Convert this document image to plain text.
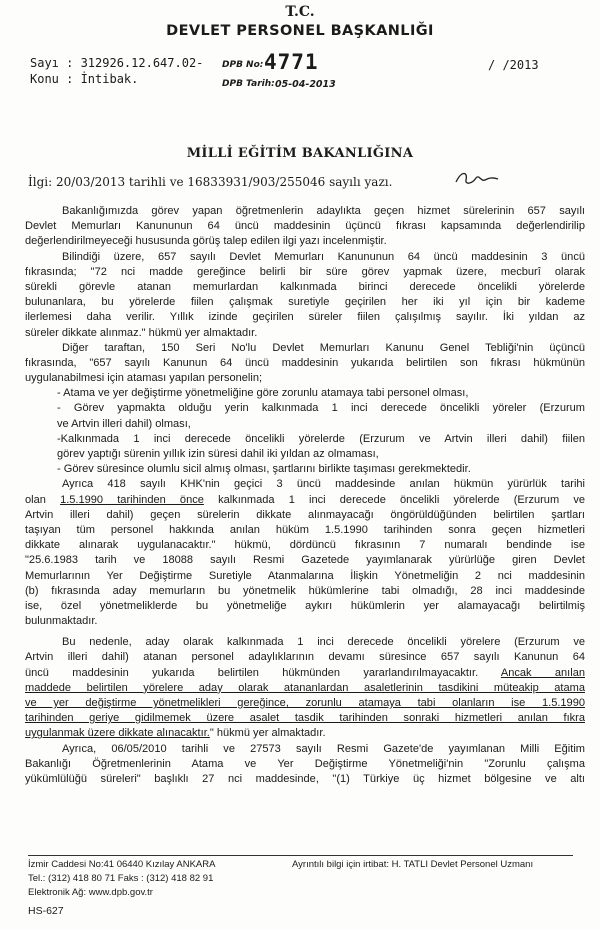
T.C.
DEVLET PERSONEL BAŞKANLIĞI
Sayı : 312926.12.647.02-
Konu : İntibak.
DPB No: 4771
DPB Tarih: 05-04-2013
/ /2013
MİLLİ EĞİTİM BAKANLIĞINA
İlgi: 20/03/2013 tarihli ve 16833931/903/255046 sayılı yazı.
Bakanlığımızda görev yapan öğretmenlerin adaylıkta geçen hizmet sürelerinin 657 sayılı
Devlet Memurları Kanununun 64 üncü maddesinin üçüncü fıkrası kapsamında değerlendirilip
değerlendirilmeyeceği hususunda görüş talep edilen ilgi yazı incelenmiştir.
Bilindiği üzere, 657 sayılı Devlet Memurları Kanununun 64 üncü maddesinin 3 üncü
fıkrasında; "72 nci madde gereğince belirli bir süre görev yapmak üzere, mecburî olarak
sürekli görevle atanan memurlardan kalkınmada birinci derecede öncelikli yörelerde
bulunanlara, bu yörelerde fiilen çalışmak suretiyle geçirilen her iki yıl için bir kademe
ilerlemesi daha verilir. Yıllık izinde geçirilen süreler fiilen çalışılmış sayılır. İki yıldan az
süreler dikkate alınmaz." hükmü yer almaktadır.
Diğer taraftan, 150 Seri No'lu Devlet Memurları Kanunu Genel Tebliği'nin üçüncü
fıkrasında, "657 sayılı Kanunun 64 üncü maddesinin yukarıda belirtilen son fıkrası hükmünün
uygulanabilmesi için ataması yapılan personelin;
- Atama ve yer değiştirme yönetmeliğine göre zorunlu atamaya tabi personel olması,
- Görev yapmakta olduğu yerin kalkınmada 1 inci derecede öncelikli yöreler (Erzurum
ve Artvin illeri dahil) olması,
-Kalkınmada 1 inci derecede öncelikli yörelerde (Erzurum ve Artvin illeri dahil) fiilen
görev yaptığı sürenin yıllık izin süresi dahil iki yıldan az olmaması,
- Görev süresince olumlu sicil almış olması, şartlarını birlikte taşıması gerekmektedir.
Ayrıca 418 sayılı KHK'nin geçici 3 üncü maddesinde anılan hükmün yürürlük tarihi
olan 1.5.1990 tarihinden önce kalkınmada 1 inci derecede öncelikli yörelerde (Erzurum ve
Artvin illeri dahil) geçen sürelerin dikkate alınmayacağı öngörüldüğünden belirtilen şartları
taşıyan tüm personel hakkında anılan hüküm 1.5.1990 tarihinden sonra geçen hizmetleri
dikkate alınarak uygulanacaktır." hükmü, dördüncü fıkrasının 7 numaralı bendinde ise
"25.6.1983 tarih ve 18088 sayılı Resmi Gazetede yayımlanarak yürürlüğe giren Devlet
Memurlarının Yer Değiştirme Suretiyle Atanmalarına İlişkin Yönetmeliğin 2 nci maddesinin
(b) fıkrasında aday memurların bu yönetmelik hükümlerine tabi olmadığı, 28 inci maddesinde
ise, özel yönetmeliklerde bu yönetmeliğe aykırı hükümlerin yer alamayacağı belirtilmiş
bulunmaktadır.
Bu nedenle, aday olarak kalkınmada 1 inci derecede öncelikli yörelere (Erzurum ve
Artvin illeri dahil) atanan personel adaylıklarının devamı süresince 657 sayılı Kanunun 64
üncü maddesinin yukarıda belirtilen hükmünden yararlandırılmayacaktır. Ancak anılan
maddede belirtilen yörelere aday olarak atananlardan asaletlerinin tasdikini müteakip atama
ve yer değiştirme yönetmelikleri gereğince, zorunlu atamaya tabi olanların ise 1.5.1990
tarihinden geriye gidilmemek üzere asalet tasdik tarihinden sonraki hizmetleri anılan fıkra
uygulanmak üzere dikkate alınacaktır." hükmü yer almaktadır.
Ayrıca, 06/05/2010 tarihli ve 27573 sayılı Resmi Gazete'de yayımlanan Milli Eğitim
Bakanlığı Öğretmenlerinin Atama ve Yer Değiştirme Yönetmeliği'nin "Zorunlu çalışma
yükümlülüğü süreleri" başlıklı 27 nci maddesinde, "(1) Türkiye üç hizmet bölgesine ve altı
İzmir Caddesi No:41 06440 Kızılay ANKARA	Ayrıntılı bilgi için irtibat: H. TATLI Devlet Personel Uzmanı
Tel.: (312) 418 80 71 Faks : (312) 418 82 91
Elektronik Ağ: www.dpb.gov.tr
HS-627
